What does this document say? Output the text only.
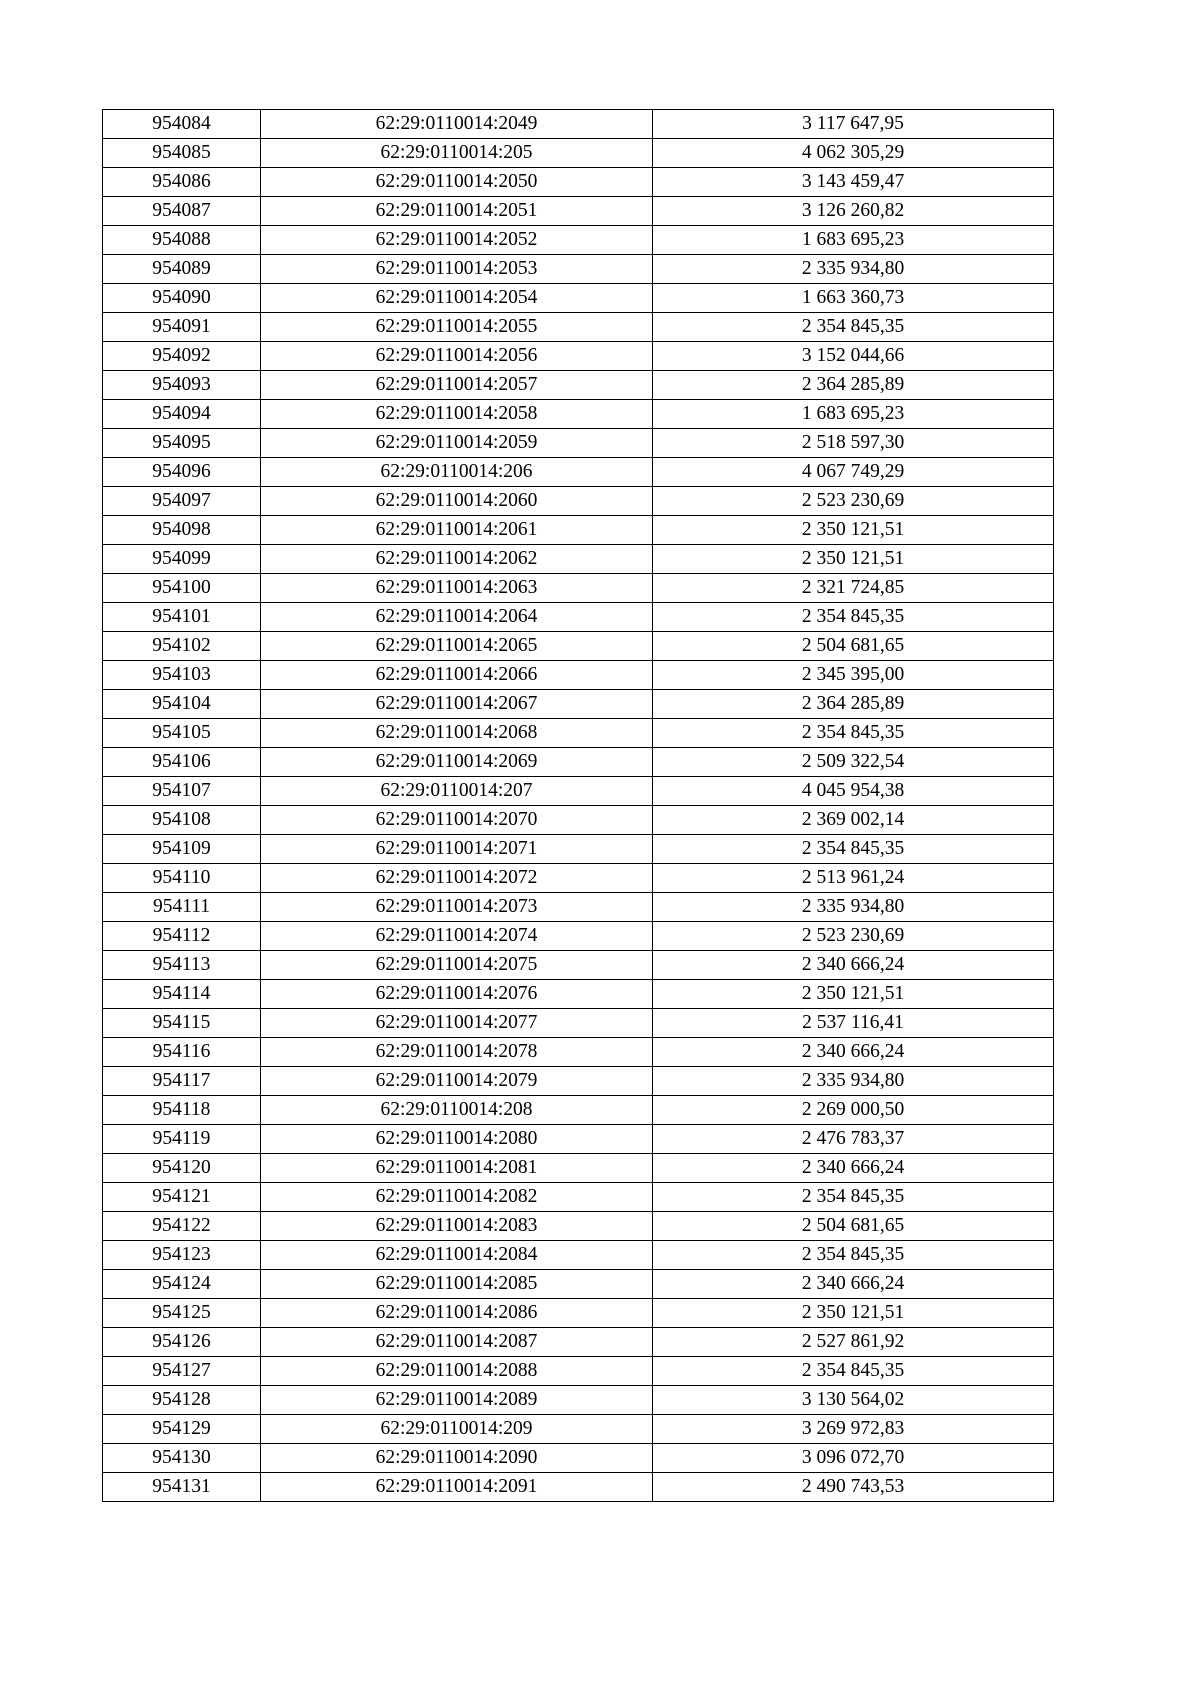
954084	62:29:0110014:2049	3 117 647,95
954085	62:29:0110014:205	4 062 305,29
954086	62:29:0110014:2050	3 143 459,47
954087	62:29:0110014:2051	3 126 260,82
954088	62:29:0110014:2052	1 683 695,23
954089	62:29:0110014:2053	2 335 934,80
954090	62:29:0110014:2054	1 663 360,73
954091	62:29:0110014:2055	2 354 845,35
954092	62:29:0110014:2056	3 152 044,66
954093	62:29:0110014:2057	2 364 285,89
954094	62:29:0110014:2058	1 683 695,23
954095	62:29:0110014:2059	2 518 597,30
954096	62:29:0110014:206	4 067 749,29
954097	62:29:0110014:2060	2 523 230,69
954098	62:29:0110014:2061	2 350 121,51
954099	62:29:0110014:2062	2 350 121,51
954100	62:29:0110014:2063	2 321 724,85
954101	62:29:0110014:2064	2 354 845,35
954102	62:29:0110014:2065	2 504 681,65
954103	62:29:0110014:2066	2 345 395,00
954104	62:29:0110014:2067	2 364 285,89
954105	62:29:0110014:2068	2 354 845,35
954106	62:29:0110014:2069	2 509 322,54
954107	62:29:0110014:207	4 045 954,38
954108	62:29:0110014:2070	2 369 002,14
954109	62:29:0110014:2071	2 354 845,35
954110	62:29:0110014:2072	2 513 961,24
954111	62:29:0110014:2073	2 335 934,80
954112	62:29:0110014:2074	2 523 230,69
954113	62:29:0110014:2075	2 340 666,24
954114	62:29:0110014:2076	2 350 121,51
954115	62:29:0110014:2077	2 537 116,41
954116	62:29:0110014:2078	2 340 666,24
954117	62:29:0110014:2079	2 335 934,80
954118	62:29:0110014:208	2 269 000,50
954119	62:29:0110014:2080	2 476 783,37
954120	62:29:0110014:2081	2 340 666,24
954121	62:29:0110014:2082	2 354 845,35
954122	62:29:0110014:2083	2 504 681,65
954123	62:29:0110014:2084	2 354 845,35
954124	62:29:0110014:2085	2 340 666,24
954125	62:29:0110014:2086	2 350 121,51
954126	62:29:0110014:2087	2 527 861,92
954127	62:29:0110014:2088	2 354 845,35
954128	62:29:0110014:2089	3 130 564,02
954129	62:29:0110014:209	3 269 972,83
954130	62:29:0110014:2090	3 096 072,70
954131	62:29:0110014:2091	2 490 743,53
